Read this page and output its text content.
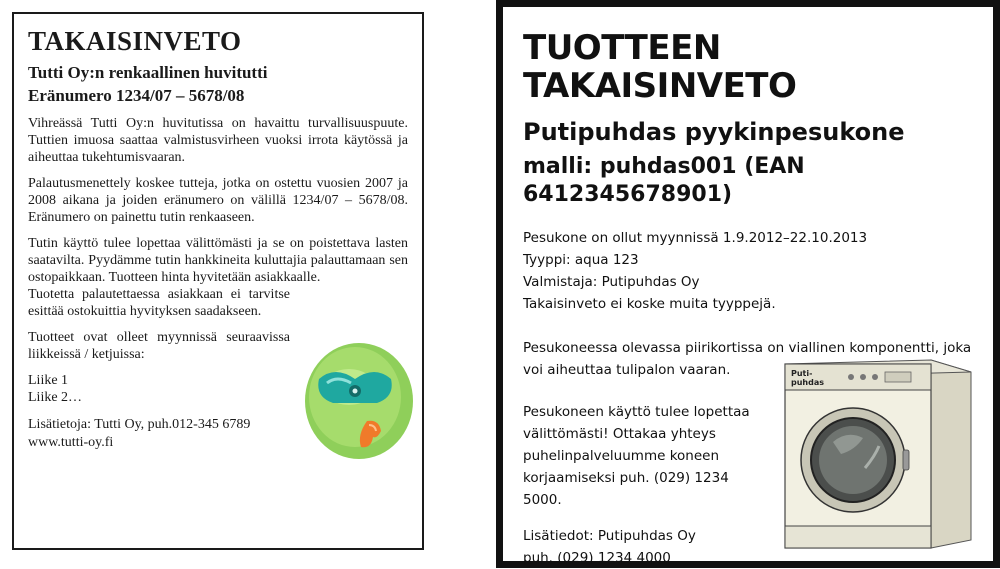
TAKAISINVETO
Tutti Oy:n renkaallinen huvitutti
Eränumero 1234/07 – 5678/08

Vihreässä Tutti Oy:n huvitutissa on havaittu turvallisuuspuute. Tuttien imuosa saattaa valmistusvirheen vuoksi irrota käytössä ja aiheuttaa tukehtumisvaaran.

Palautusmenettely koskee tutteja, jotka on ostettu vuosien 2007 ja 2008 aikana ja joiden eränumero on välillä 1234/07 – 5678/08. Eränumero on painettu tutin renkaaseen.

Tutin käyttö tulee lopettaa välittömästi ja se on poistettava lasten saatavilta. Pyydämme tutin hankkineita kuluttajia palauttamaan sen ostopaikkaan. Tuotteen hinta hyvitetään asiakkaalle.

Tuotetta palautettaessa asiakkaan ei tarvitse esittää ostokuittia hyvityksen saadakseen.

Tuotteet ovat olleet myynnissä seuraavissa liikkeissä / ketjuissa:

Liike 1
Liike 2…
Lisätietoja: Tutti Oy, puh.012-345 6789
www.tutti-oy.fi
TUOTTEEN TAKAISINVETO
Putipuhdas pyykinpesukone
malli: puhdas001 (EAN 6412345678901)
Pesukone on ollut myynnissä 1.9.2012–22.10.2013
Tyyppi: aqua 123
Valmistaja: Putipuhdas Oy
Takaisinveto ei koske muita tyyppejä.

Pesukoneessa olevassa piirikortissa on viallinen komponentti, joka voi aiheuttaa tulipalon vaaran.

Pesukoneen käyttö tulee lopettaa välittömästi! Ottakaa yhteys puhelinpalveluumme koneen korjaamiseksi puh. (029) 1234 5000.

Lisätiedot: Putipuhdas Oy
puh. (029) 1234 4000
Puti-
puhdas
